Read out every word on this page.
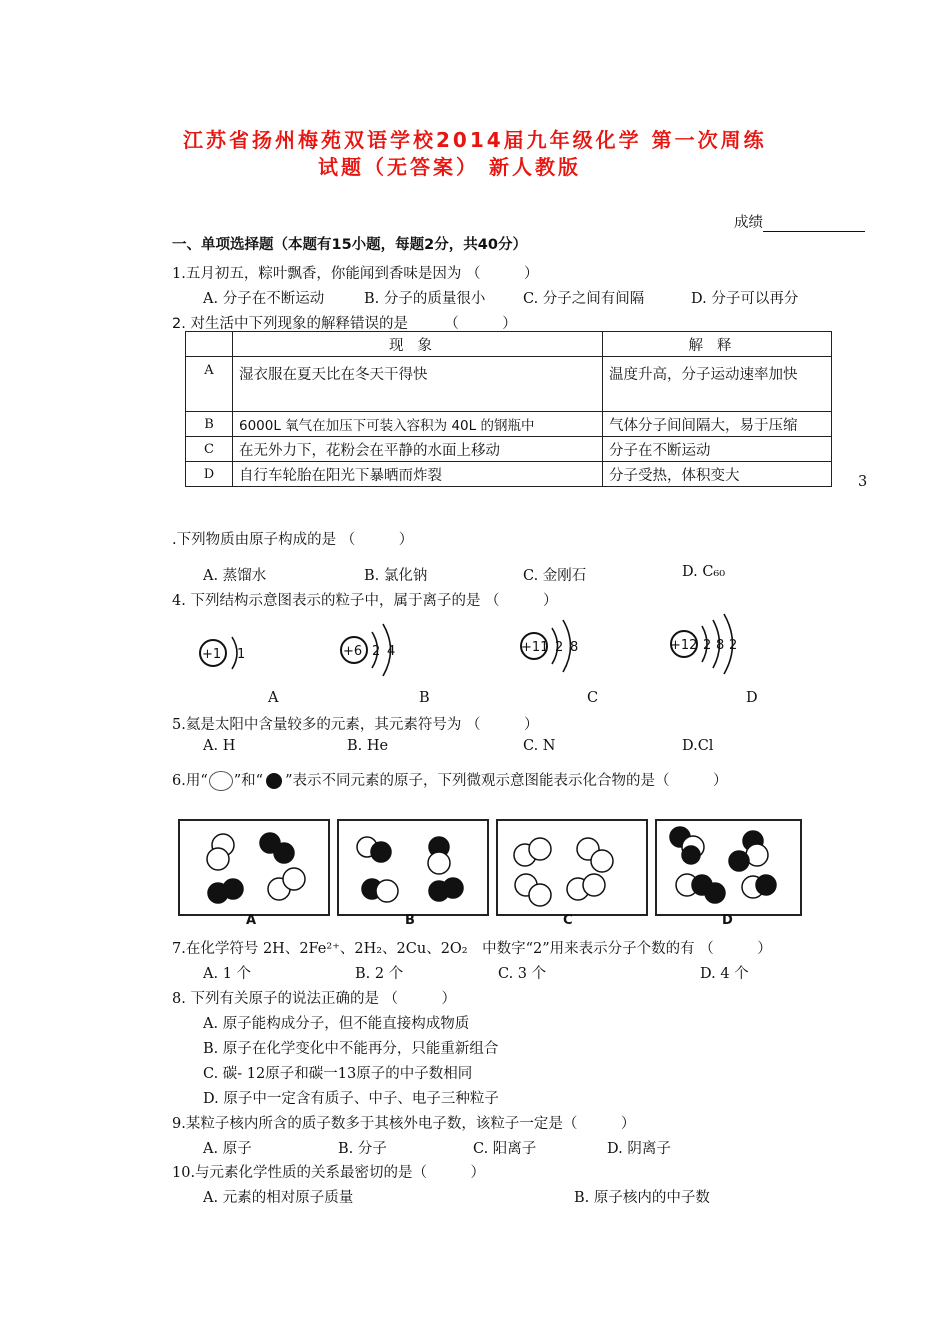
江苏省扬州梅苑双语学校2014届九年级化学 第一次周练
试题（无答案） 新人教版
成绩
一、单项选择题（本题有15小题，每题2分，共40分）
1.五月初五，粽叶飘香，你能闻到香味是因为 （　　　）
A. 分子在不断运动	B. 分子的质量很小	C. 分子之间有间隔	D. 分子可以再分
2. 对生活中下列现象的解释错误的是　　　（　　　）
	现象	解释
A	湿衣服在夏天比在冬天干得快	温度升高，分子运动速率加快
B	6000L 氧气在加压下可装入容积为 40L 的钢瓶中	气体分子间间隔大，易于压缩
C	在无外力下，花粉会在平静的水面上移动	分子在不断运动
D	自行车轮胎在阳光下暴晒而炸裂	分子受热，体积变大	3
.下列物质由原子构成的是 （　　　）
A. 蒸馏水	B. 氯化钠	C. 金刚石	D. C₆₀
4. 下列结构示意图表示的粒子中，属于离子的是 （　　　）
+1 1	+6 2 4	+11 2 8	+12 2 8 2
A	B	C	D
5.氦是太阳中含量较多的元素，其元素符号为 （　　　）
A. H	B. He	C. N	D.Cl
6.用“ ”和“ ”表示不同元素的原子，下列微观示意图能表示化合物的是（　　　）
A	B	C	D
7.在化学符号 2H、2Fe²⁺、2H₂、2Cu、2O₂　中数字“2”用来表示分子个数的有 （　　　）
A. 1 个	B. 2 个	C. 3 个	D. 4 个
8. 下列有关原子的说法正确的是 （　　　）
A. 原子能构成分子，但不能直接构成物质
B. 原子在化学变化中不能再分，只能重新组合
C. 碳- 12原子和碳一13原子的中子数相同
D. 原子中一定含有质子、中子、电子三种粒子
9.某粒子核内所含的质子数多于其核外电子数，该粒子一定是（　　　）
A. 原子	B. 分子	C. 阳离子	D. 阴离子
10.与元素化学性质的关系最密切的是（　　　）
A. 元素的相对原子质量	B. 原子核内的中子数
